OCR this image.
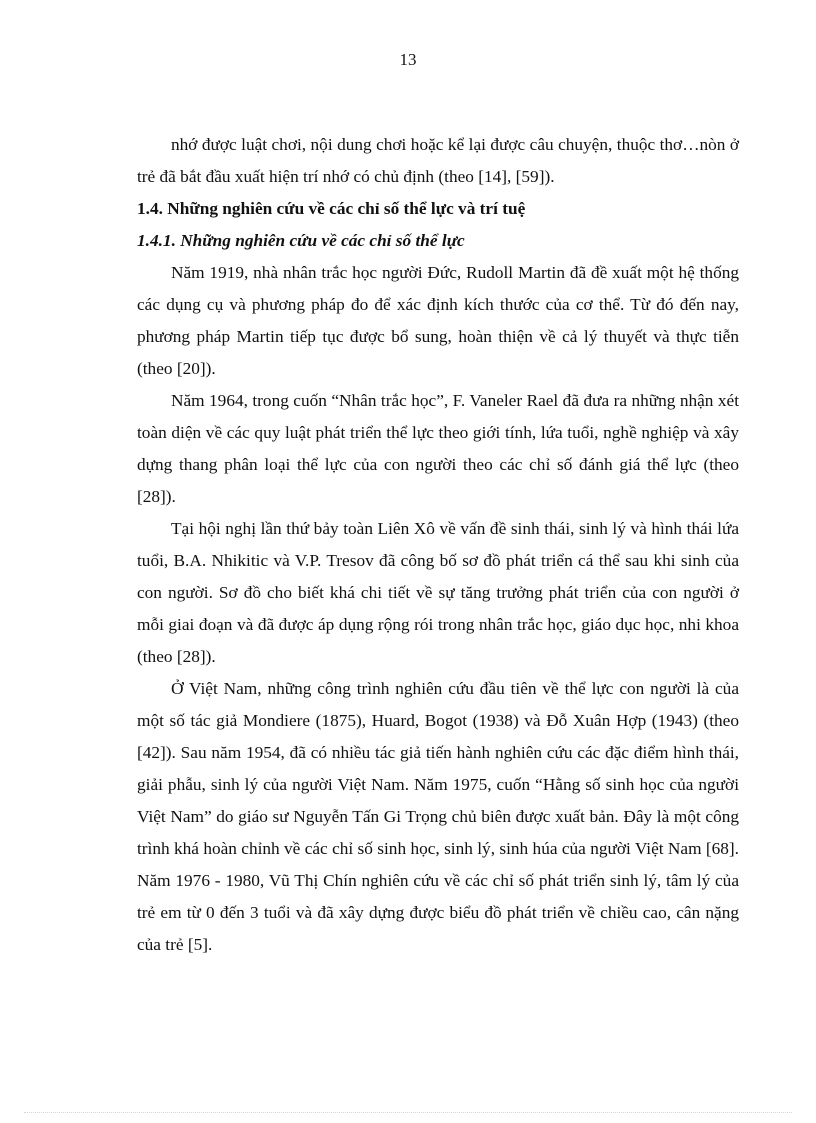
13

nhớ được luật chơi, nội dung chơi hoặc kể lại được câu chuyện, thuộc thơ…nòn ở trẻ đã bắt đầu xuất hiện trí nhớ có chủ định (theo [14], [59]).

1.4. Những nghiên cứu về các chỉ số thể lực và trí tuệ
1.4.1. Những nghiên cứu về các chỉ số thể lực

Năm 1919, nhà nhân trắc học người Đức, Rudoll Martin đã đề xuất một hệ thống các dụng cụ và phương pháp đo để xác định kích thước của cơ thể. Từ đó đến nay, phương pháp Martin tiếp tục được bổ sung, hoàn thiện về cả lý thuyết và thực tiễn (theo [20]).

Năm 1964, trong cuốn “Nhân trắc học”, F. Vaneler Rael đã đưa ra những nhận xét toàn diện về các quy luật phát triển thể lực theo giới tính, lứa tuổi, nghề nghiệp và xây dựng thang phân loại thể lực của con người theo các chỉ số đánh giá thể lực (theo [28]).

Tại hội nghị lần thứ bảy toàn Liên Xô về vấn đề sinh thái, sinh lý và hình thái lứa tuổi, B.A. Nhikitic và V.P. Tresov đã công bố sơ đồ phát triển cá thể sau khi sinh của con người. Sơ đồ cho biết khá chi tiết về sự tăng trưởng phát triển của con người ở mỗi giai đoạn và đã được áp dụng rộng rói trong nhân trắc học, giáo dục học, nhi khoa (theo [28]).

Ở Việt Nam, những công trình nghiên cứu đầu tiên về thể lực con người là của một số tác giả Mondiere (1875), Huard, Bogot (1938) và Đỗ Xuân Hợp (1943) (theo [42]). Sau năm 1954, đã có nhiều tác giả tiến hành nghiên cứu các đặc điểm hình thái, giải phẫu, sinh lý của người Việt Nam. Năm 1975, cuốn “Hằng số sinh học của người Việt Nam” do giáo sư Nguyễn Tấn Gi Trọng chủ biên được xuất bản. Đây là một công trình khá hoàn chỉnh về các chỉ số sinh học, sinh lý, sinh húa của người Việt Nam [68]. Năm 1976 - 1980, Vũ Thị Chín nghiên cứu về các chỉ số phát triển sinh lý, tâm lý của trẻ em từ 0 đến 3 tuổi và đã xây dựng được biểu đồ phát triển về chiều cao, cân nặng của trẻ [5].
